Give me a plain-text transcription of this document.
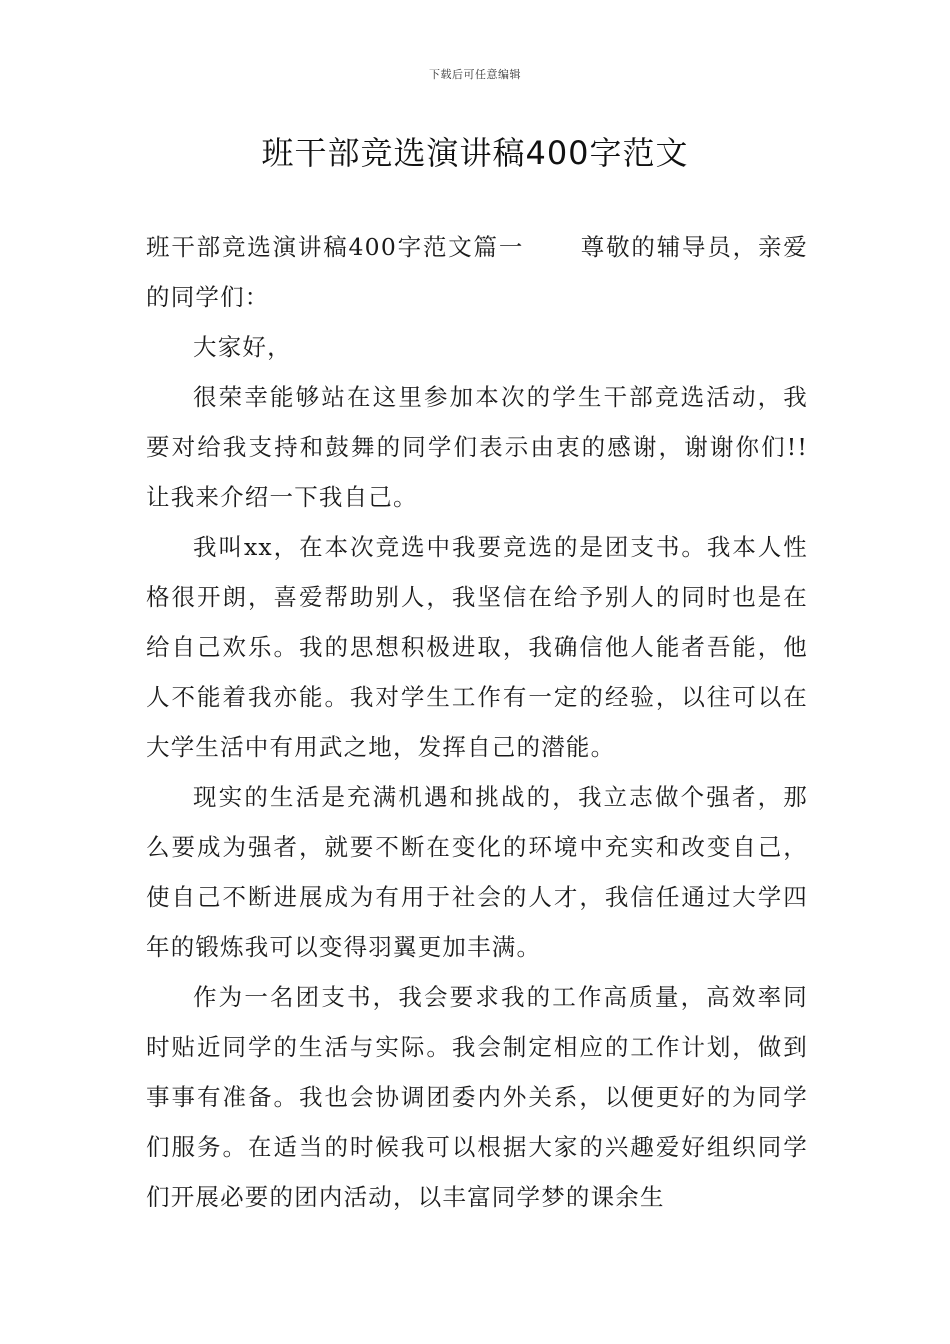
下载后可任意编辑
班干部竞选演讲稿400字范文

班干部竞选演讲稿400字范文篇一 尊敬的辅导员，亲爱的同学们：

大家好，

很荣幸能够站在这里参加本次的学生干部竞选活动，我要对给我支持和鼓舞的同学们表示由衷的感谢，谢谢你们!!让我来介绍一下我自己。

我叫xx，在本次竞选中我要竞选的是团支书。我本人性格很开朗，喜爱帮助别人，我坚信在给予别人的同时也是在给自己欢乐。我的思想积极进取，我确信他人能者吾能，他人不能着我亦能。我对学生工作有一定的经验，以往可以在大学生活中有用武之地，发挥自己的潜能。

现实的生活是充满机遇和挑战的，我立志做个强者，那么要成为强者，就要不断在变化的环境中充实和改变自己，使自己不断进展成为有用于社会的人才，我信任通过大学四年的锻炼我可以变得羽翼更加丰满。

作为一名团支书，我会要求我的工作高质量，高效率同时贴近同学的生活与实际。我会制定相应的工作计划，做到事事有准备。我也会协调团委内外关系，以便更好的为同学们服务。在适当的时候我可以根据大家的兴趣爱好组织同学们开展必要的团内活动，以丰富同学梦的课余生
